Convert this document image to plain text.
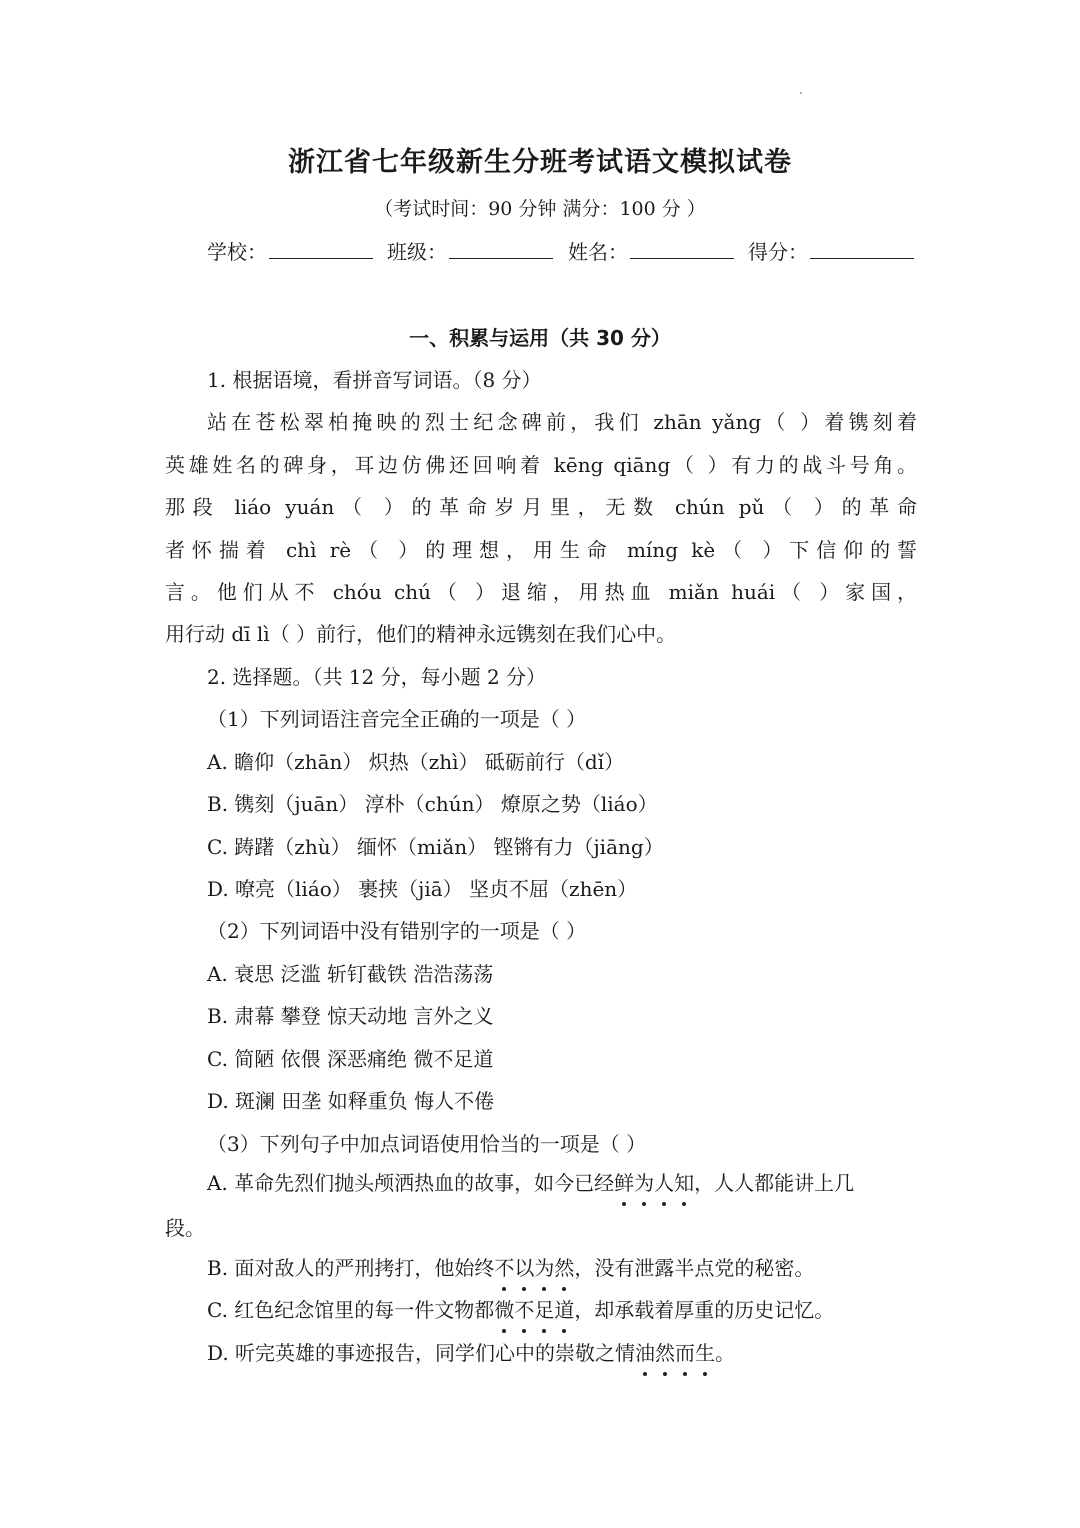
浙江省七年级新生分班考试语文模拟试卷
（考试时间：90 分钟 满分：100 分 ）
学校：	班级：	姓名：	得分：
一、积累与运用（共 30 分）
1. 根据语境，看拼音写词语。（8 分）
站在苍松翠柏掩映的烈士纪念碑前，我们 zhān yǎng（ ）着镌刻着
英雄姓名的碑身，耳边仿佛还回响着 kēng qiāng（ ）有力的战斗号角。
那段 liáo yuán（ ）的革命岁月里，无数 chún pǔ（ ）的革命
者怀揣着 chì rè（ ）的理想，用生命 míng kè（ ）下信仰的誓
言。他们从不 chóu chú（ ）退缩，用热血 miǎn huái（ ）家国，
用行动 dī lì（ ）前行，他们的精神永远镌刻在我们心中。
2. 选择题。（共 12 分，每小题 2 分）
（1）下列词语注音完全正确的一项是（ ）
A. 瞻仰（zhān） 炽热（zhì） 砥砺前行（dǐ）
B. 镌刻（juān） 淳朴（chún） 燎原之势（liáo）
C. 踌躇（zhù） 缅怀（miǎn） 铿锵有力（jiāng）
D. 嘹亮（liáo） 裹挟（jiā） 坚贞不屈（zhēn）
（2）下列词语中没有错别字的一项是（ ）
A. 衰思 泛滥 斩钉截铁 浩浩荡荡
B. 肃幕 攀登 惊天动地 言外之义
C. 简陋 依偎 深恶痛绝 微不足道
D. 斑澜 田垄 如释重负 悔人不倦
（3）下列句子中加点词语使用恰当的一项是（ ）
A. 革命先烈们抛头颅洒热血的故事，如今已经鲜为人知，人人都能讲上几
段。
B. 面对敌人的严刑拷打，他始终不以为然，没有泄露半点党的秘密。
C. 红色纪念馆里的每一件文物都微不足道，却承载着厚重的历史记忆。
D. 听完英雄的事迹报告，同学们心中的崇敬之情油然而生。
